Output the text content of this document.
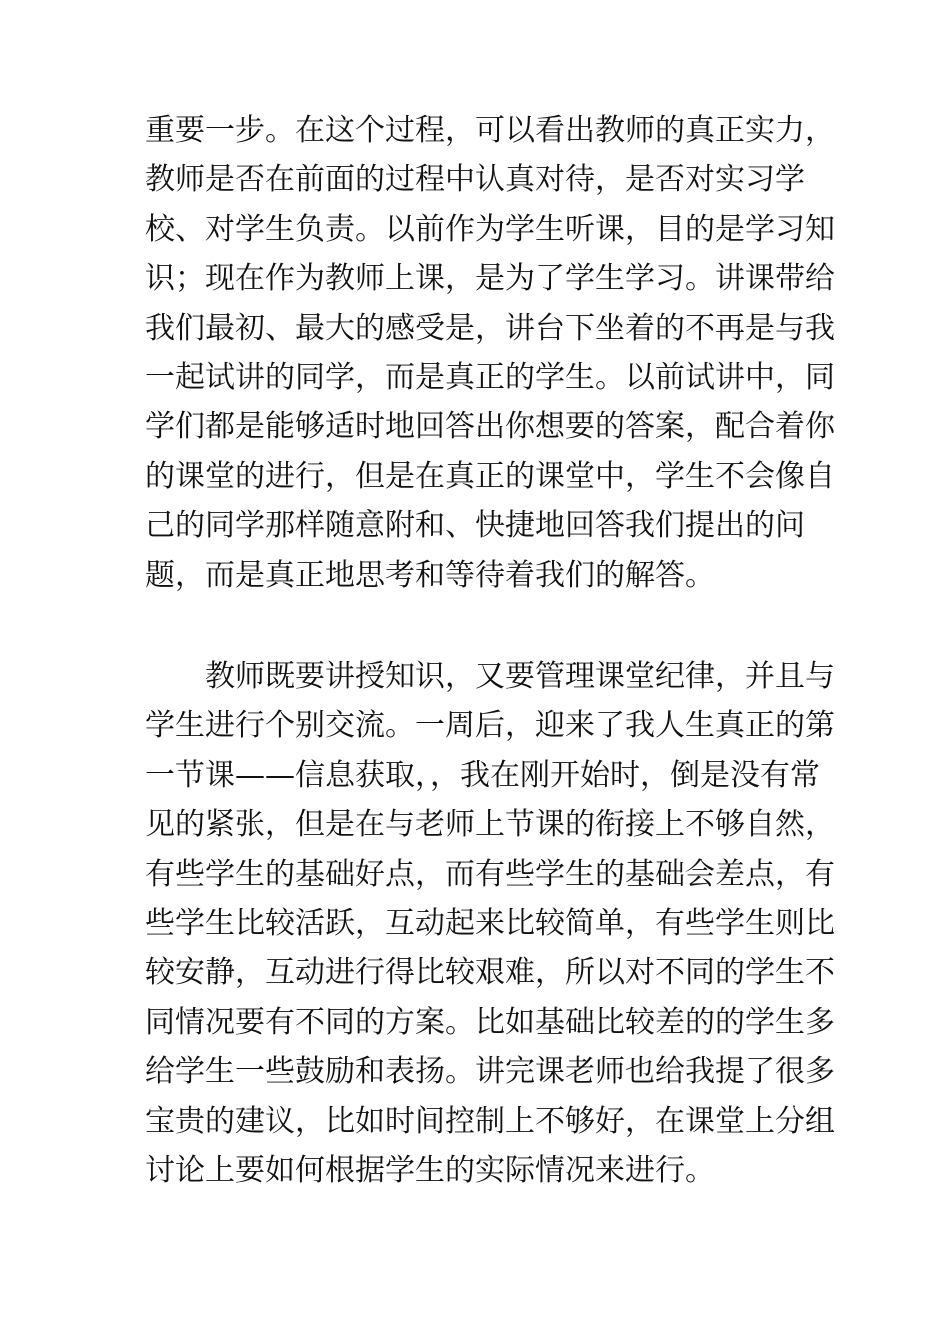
重要一步。在这个过程，可以看出教师的真正实力，
教师是否在前面的过程中认真对待，是否对实习学
校、对学生负责。以前作为学生听课，目的是学习知
识；现在作为教师上课，是为了学生学习。讲课带给
我们最初、最大的感受是，讲台下坐着的不再是与我
一起试讲的同学，而是真正的学生。以前试讲中，同
学们都是能够适时地回答出你想要的答案，配合着你
的课堂的进行，但是在真正的课堂中，学生不会像自
己的同学那样随意附和、快捷地回答我们提出的问
题，而是真正地思考和等待着我们的解答。
教师既要讲授知识，又要管理课堂纪律，并且与
学生进行个别交流。一周后，迎来了我人生真正的第
一节课——信息获取，，我在刚开始时，倒是没有常
见的紧张，但是在与老师上节课的衔接上不够自然，
有些学生的基础好点，而有些学生的基础会差点，有
些学生比较活跃，互动起来比较简单，有些学生则比
较安静，互动进行得比较艰难，所以对不同的学生不
同情况要有不同的方案。比如基础比较差的的学生多
给学生一些鼓励和表扬。讲完课老师也给我提了很多
宝贵的建议，比如时间控制上不够好，在课堂上分组
讨论上要如何根据学生的实际情况来进行。
